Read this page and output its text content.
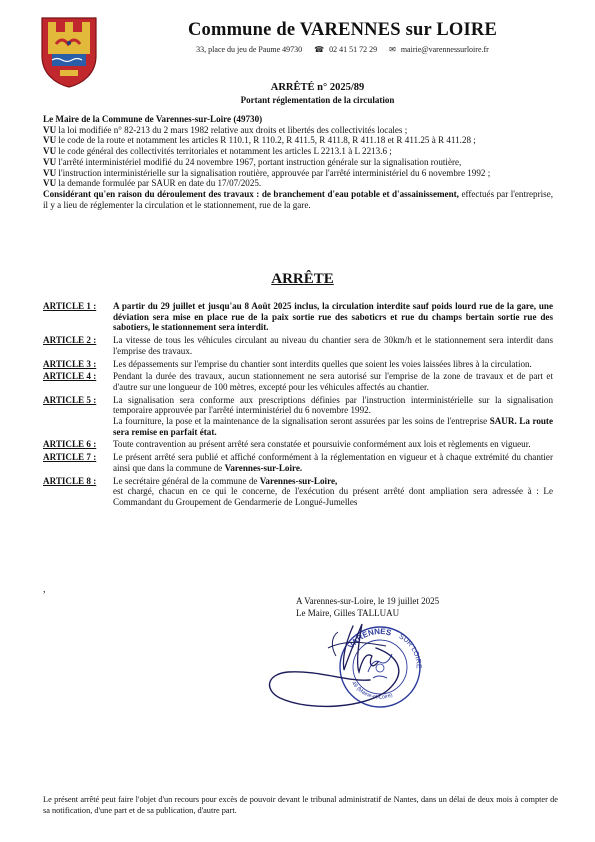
Commune de VARENNES sur LOIRE
33, place du jeu de Paume 49730 ☎ 02 41 51 72 29 ✉ mairie@varennessurloire.fr
ARRÊTÉ n° 2025/89
Portant réglementation de la circulation

Le Maire de la Commune de Varennes-sur-Loire (49730)

VU la loi modifiée n° 82-213 du 2 mars 1982 relative aux droits et libertés des collectivités locales ;

VU le code de la route et notamment les articles R 110.1, R 110.2, R 411.5, R 411.8, R 411.18 et R 411.25 à R 411.28 ;

VU le code général des collectivités territoriales et notamment les articles L 2213.1 à L 2213.6 ;

VU l'arrêté interministériel modifié du 24 novembre 1967, portant instruction générale sur la signalisation routière,

VU l'instruction interministérielle sur la signalisation routière, approuvée par l'arrêté interministériel du 6 novembre 1992 ;

VU la demande formulée par SAUR en date du 17/07/2025.

Considérant qu'en raison du déroulement des travaux : de branchement d'eau potable et d'assainissement, effectués par l'entreprise, il y a lieu de réglementer la circulation et le stationnement, rue de la gare.

ARRÊTE
ARTICLE 1 :	A partir du 29 juillet et jusqu'au 8 Août 2025 inclus, la circulation interdite sauf poids lourd rue de la gare, une déviation sera mise en place rue de la paix sortie rue des saboticrs et rue du champs bertain sortie rue des sabotiers, le stationnement sera interdit.
ARTICLE 2 :	La vitesse de tous les véhicules circulant au niveau du chantier sera de 30km/h et le stationnement sera interdit dans l'emprise des travaux.
ARTICLE 3 :	Les dépassements sur l'emprise du chantier sont interdits quelles que soient les voies laissées libres à la circulation.
ARTICLE 4 :	Pendant la durée des travaux, aucun stationnement ne sera autorisé sur l'emprise de la zone de travaux et de part et d'autre sur une longueur de 100 mètres, excepté pour les véhicules affectés au chantier.
ARTICLE 5 :	La signalisation sera conforme aux prescriptions définies par l'instruction interministérielle sur la signalisation temporaire approuvée par l'arrêté interministériel du 6 novembre 1992.

La fourniture, la pose et la maintenance de la signalisation seront assurées par les soins de l'entreprise SAUR. La route sera remise en parfait état.

ARTICLE 6 :	Toute contravention au présent arrêté sera constatée et poursuivie conformément aux lois et règlements en vigueur.
ARTICLE 7 :	Le présent arrêté sera publié et affiché conformément à la réglementation en vigueur et à chaque extrémité du chantier ainsi que dans la commune de Varennes-sur-Loire.
ARTICLE 8 :	Le secrétaire général de la commune de Varennes-sur-Loire,

est chargé, chacun en ce qui le concerne, de l'exécution du présent arrêté dont ampliation sera adressée à : Le Commandant du Groupement de Gendarmerie de Longué-Jumelles

,
A Varennes-sur-Loire, le 19 juillet 2025
Le Maire, Gilles TALLUAU
VARENNES SUR LOIRE
49 (Maine-et-Loire)
Le présent arrêté peut faire l'objet d'un recours pour excès de pouvoir devant le tribunal administratif de Nantes, dans un délai de deux mois à compter de sa notification, d'une part et de sa publication, d'autre part.
